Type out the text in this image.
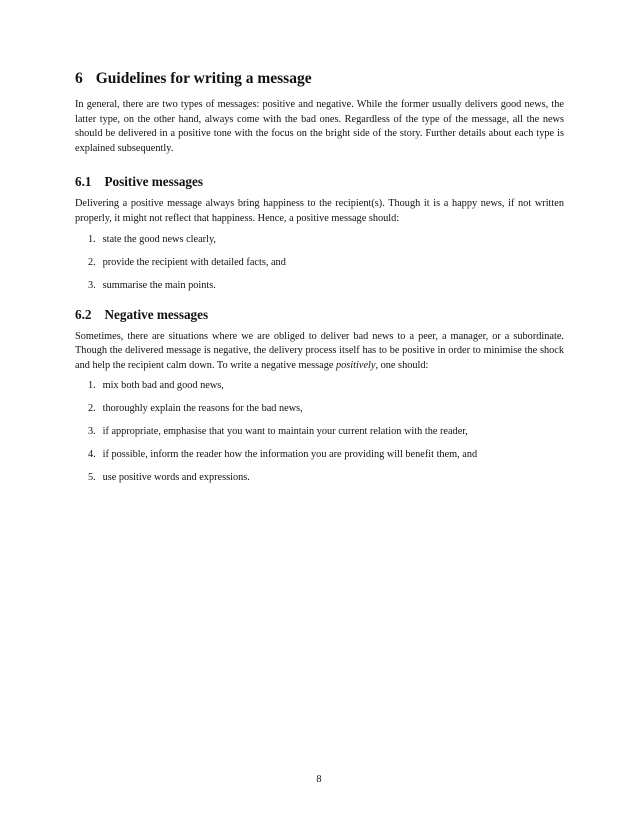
6 Guidelines for writing a message

In general, there are two types of messages: positive and negative. While the former usually delivers good news, the latter type, on the other hand, always come with the bad ones. Regardless of the type of the message, all the news should be delivered in a positive tone with the focus on the bright side of the story. Further details about each type is explained subsequently.

6.1 Positive messages

Delivering a positive message always bring happiness to the recipient(s). Though it is a happy news, if not written properly, it might not reflect that happiness. Hence, a positive message should:

1. state the good news clearly,
2. provide the recipient with detailed facts, and
3. summarise the main points.
6.2 Negative messages

Sometimes, there are situations where we are obliged to deliver bad news to a peer, a manager, or a subordinate. Though the delivered message is negative, the delivery process itself has to be positive in order to minimise the shock and help the recipient calm down. To write a negative message positively, one should:

1. mix both bad and good news,
2. thoroughly explain the reasons for the bad news,
3. if appropriate, emphasise that you want to maintain your current relation with the reader,
4. if possible, inform the reader how the information you are providing will benefit them, and
5. use positive words and expressions.
8
